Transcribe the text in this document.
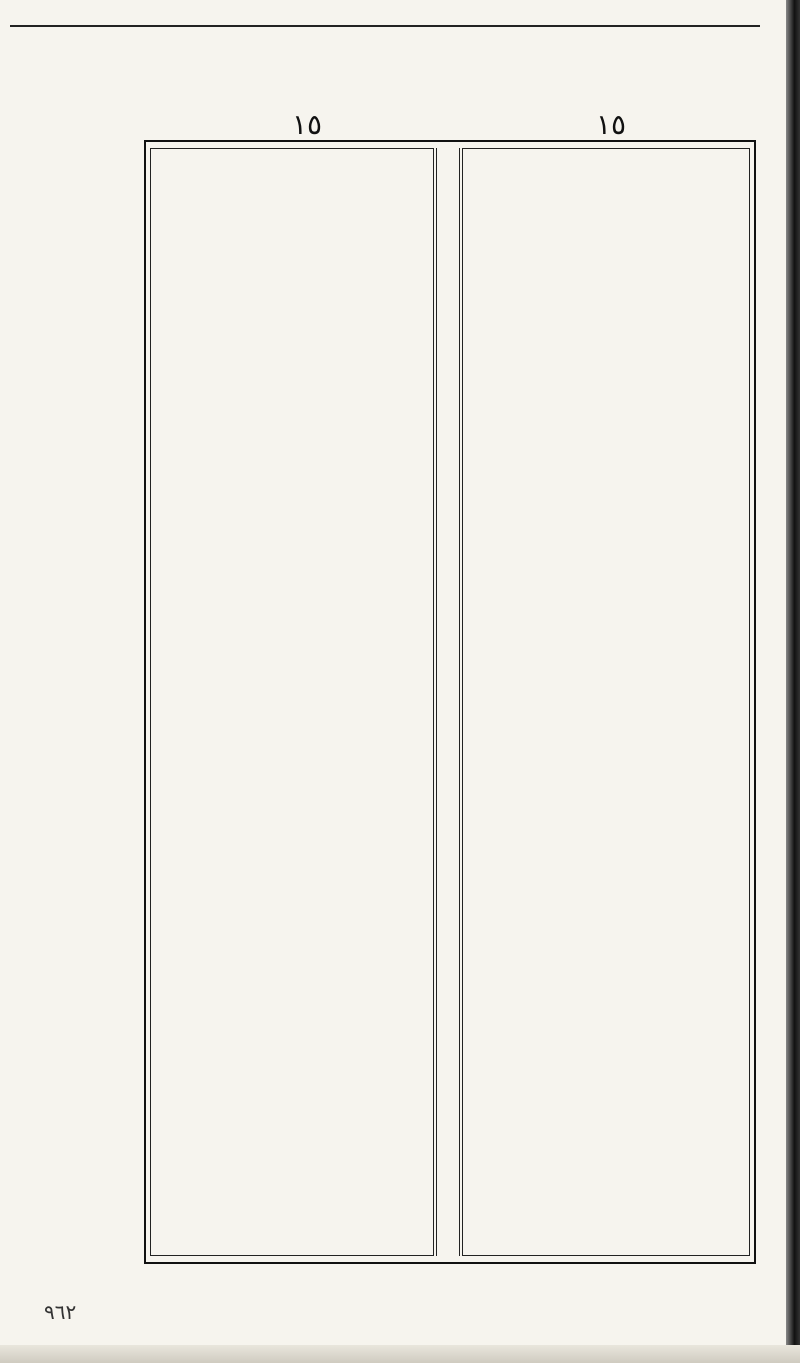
١٥	١٥
٩٦٢
